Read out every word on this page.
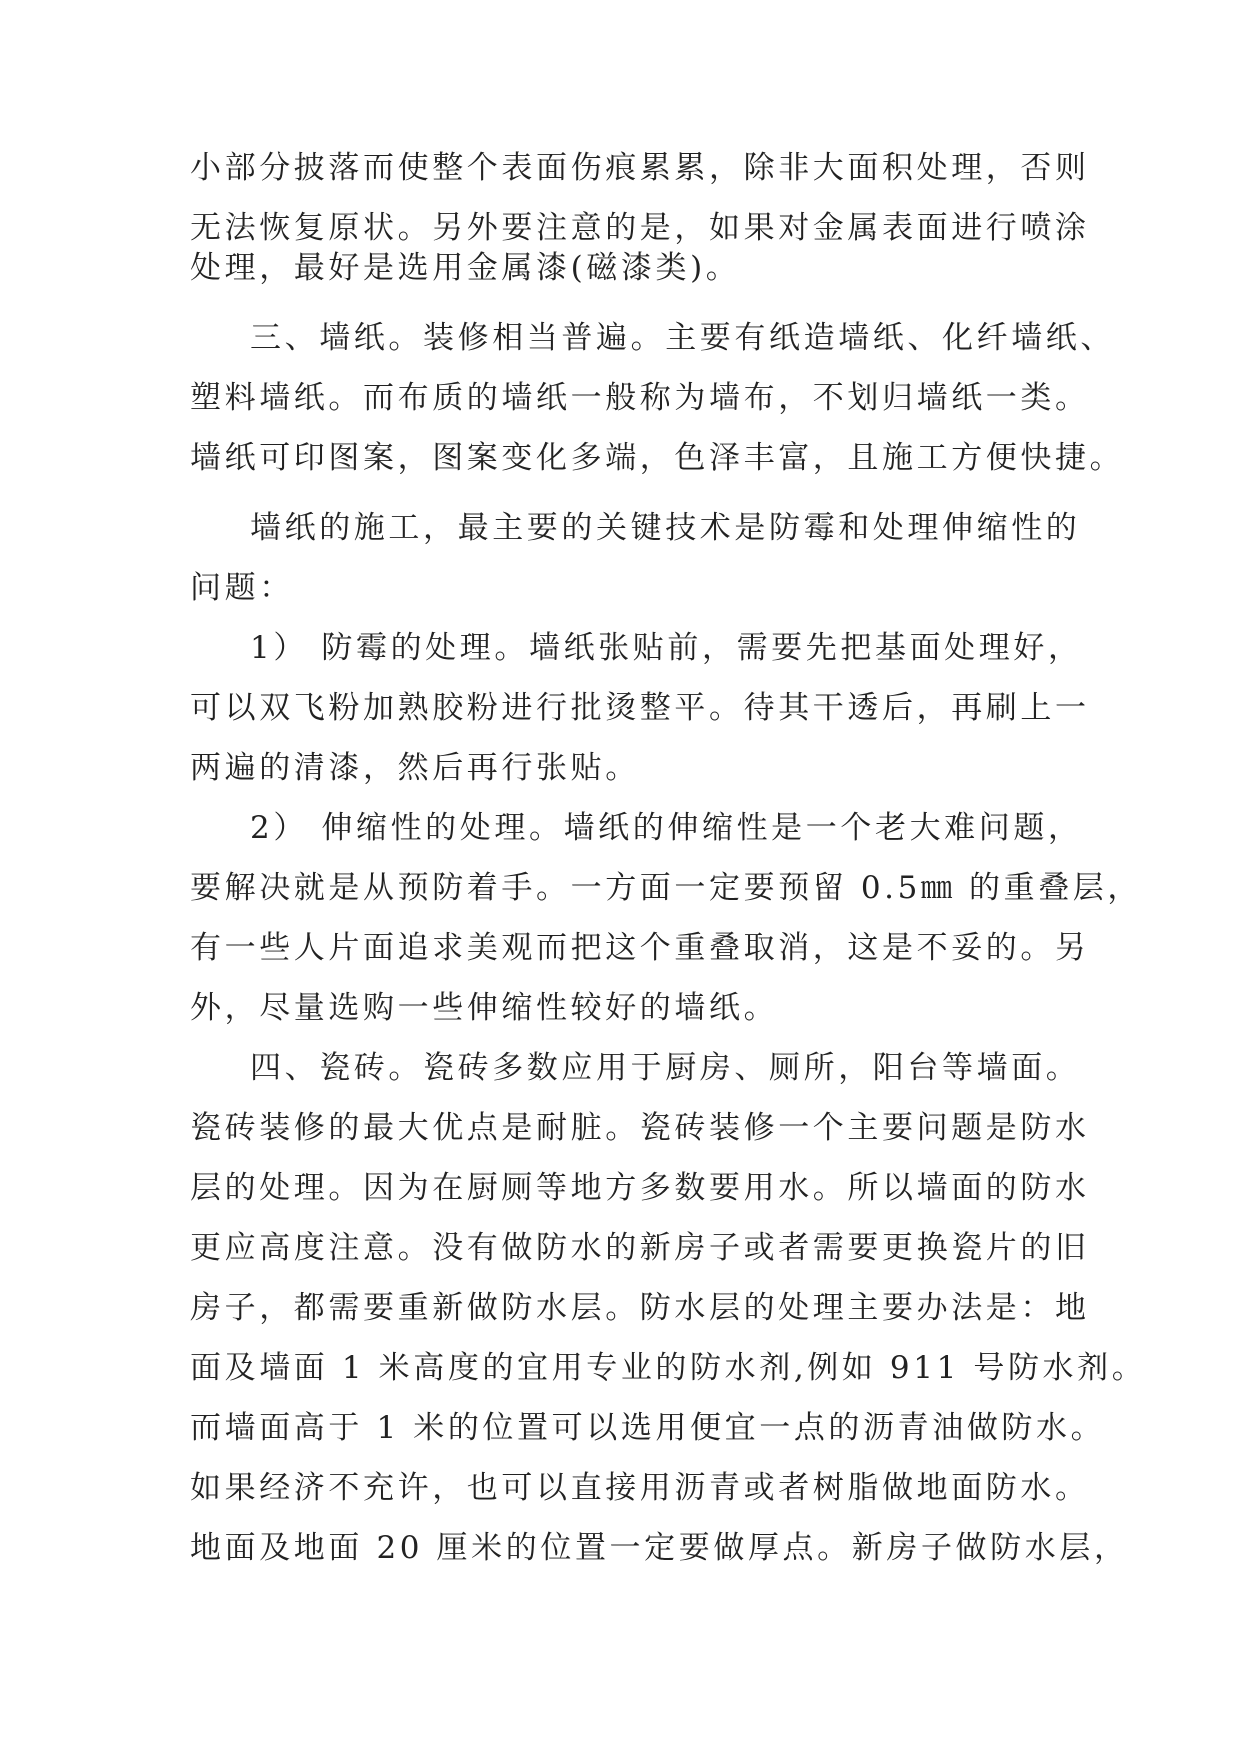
小部分披落而使整个表面伤痕累累，除非大面积处理，否则
无法恢复原状。另外要注意的是，如果对金属表面进行喷涂
处理，最好是选用金属漆(磁漆类)。
三、墙纸。装修相当普遍。主要有纸造墙纸、化纤墙纸、
塑料墙纸。而布质的墙纸一般称为墙布，不划归墙纸一类。
墙纸可印图案，图案变化多端，色泽丰富，且施工方便快捷。
墙纸的施工，最主要的关键技术是防霉和处理伸缩性的
问题：
1） 防霉的处理。墙纸张贴前，需要先把基面处理好，
可以双飞粉加熟胶粉进行批烫整平。待其干透后，再刷上一
两遍的清漆，然后再行张贴。
2） 伸缩性的处理。墙纸的伸缩性是一个老大难问题，
要解决就是从预防着手。一方面一定要预留 0.5㎜ 的重叠层，
有一些人片面追求美观而把这个重叠取消，这是不妥的。另
外，尽量选购一些伸缩性较好的墙纸。
四、瓷砖。瓷砖多数应用于厨房、厕所，阳台等墙面。
瓷砖装修的最大优点是耐脏。瓷砖装修一个主要问题是防水
层的处理。因为在厨厕等地方多数要用水。所以墙面的防水
更应高度注意。没有做防水的新房子或者需要更换瓷片的旧
房子，都需要重新做防水层。防水层的处理主要办法是：地
面及墙面 1 米高度的宜用专业的防水剂,例如 911 号防水剂。
而墙面高于 1 米的位置可以选用便宜一点的沥青油做防水。
如果经济不充许，也可以直接用沥青或者树脂做地面防水。
地面及地面 20 厘米的位置一定要做厚点。新房子做防水层，
